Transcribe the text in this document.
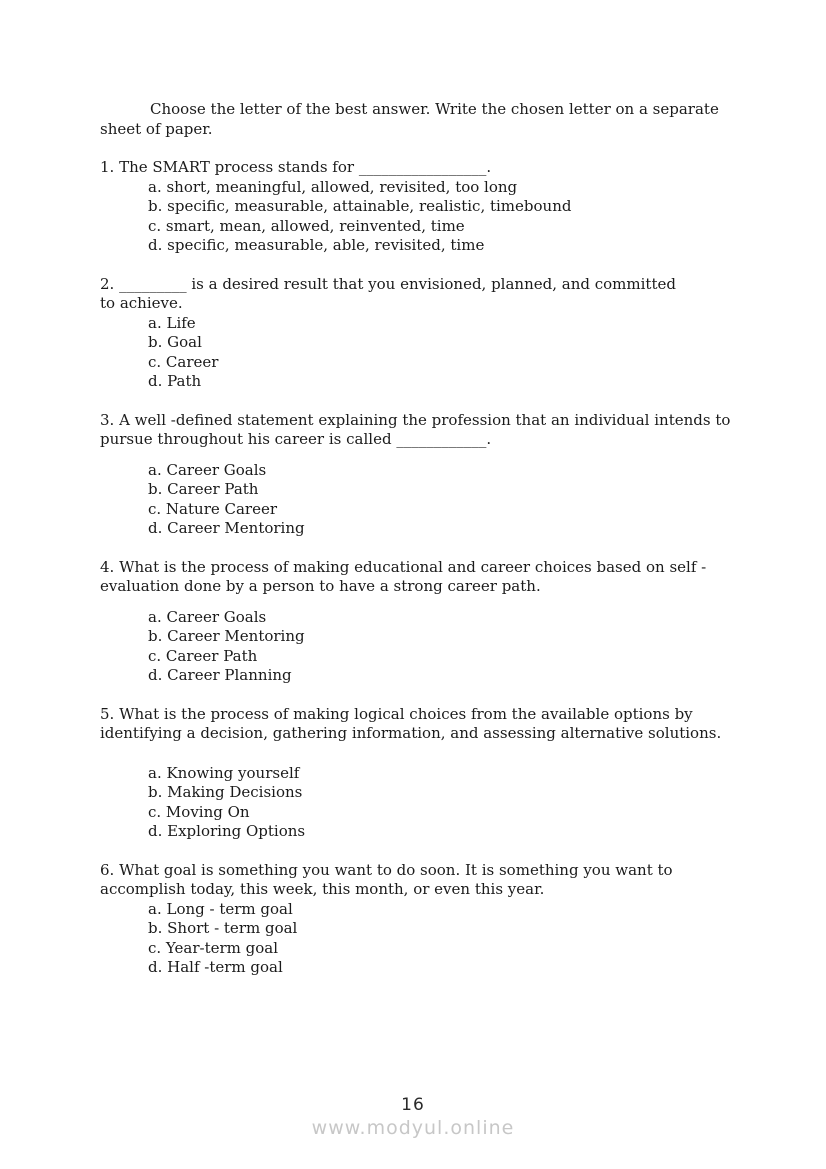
Choose the letter of the best answer. Write the chosen letter on a separate
sheet of paper.
1. The SMART process stands for _________________.
a. short, meaningful, allowed, revisited, too long
b. specific, measurable, attainable, realistic, timebound
c. smart, mean, allowed, reinvented, time
d. specific, measurable, able, revisited, time
2. _________ is a desired result that you envisioned, planned, and committed
to achieve.
a. Life
b. Goal
c. Career
d. Path
3. A well -defined statement explaining the profession that an individual intends to
pursue throughout his career is called ____________.
a. Career Goals
b. Career Path
c. Nature Career
d. Career Mentoring
4. What is the process of making educational and career choices based on self -
evaluation done by a person to have a strong career path.
a. Career Goals
b. Career Mentoring
c. Career Path
d. Career Planning
5. What is the process of making logical choices from the available options by
identifying a decision, gathering information, and assessing alternative solutions.
a. Knowing yourself
b. Making Decisions
c. Moving On
d. Exploring Options
6. What goal is something you want to do soon. It is something you want to
accomplish today, this week, this month, or even this year.
a. Long - term goal
b. Short - term goal
c. Year-term goal
d. Half -term goal
16
www.modyul.online
